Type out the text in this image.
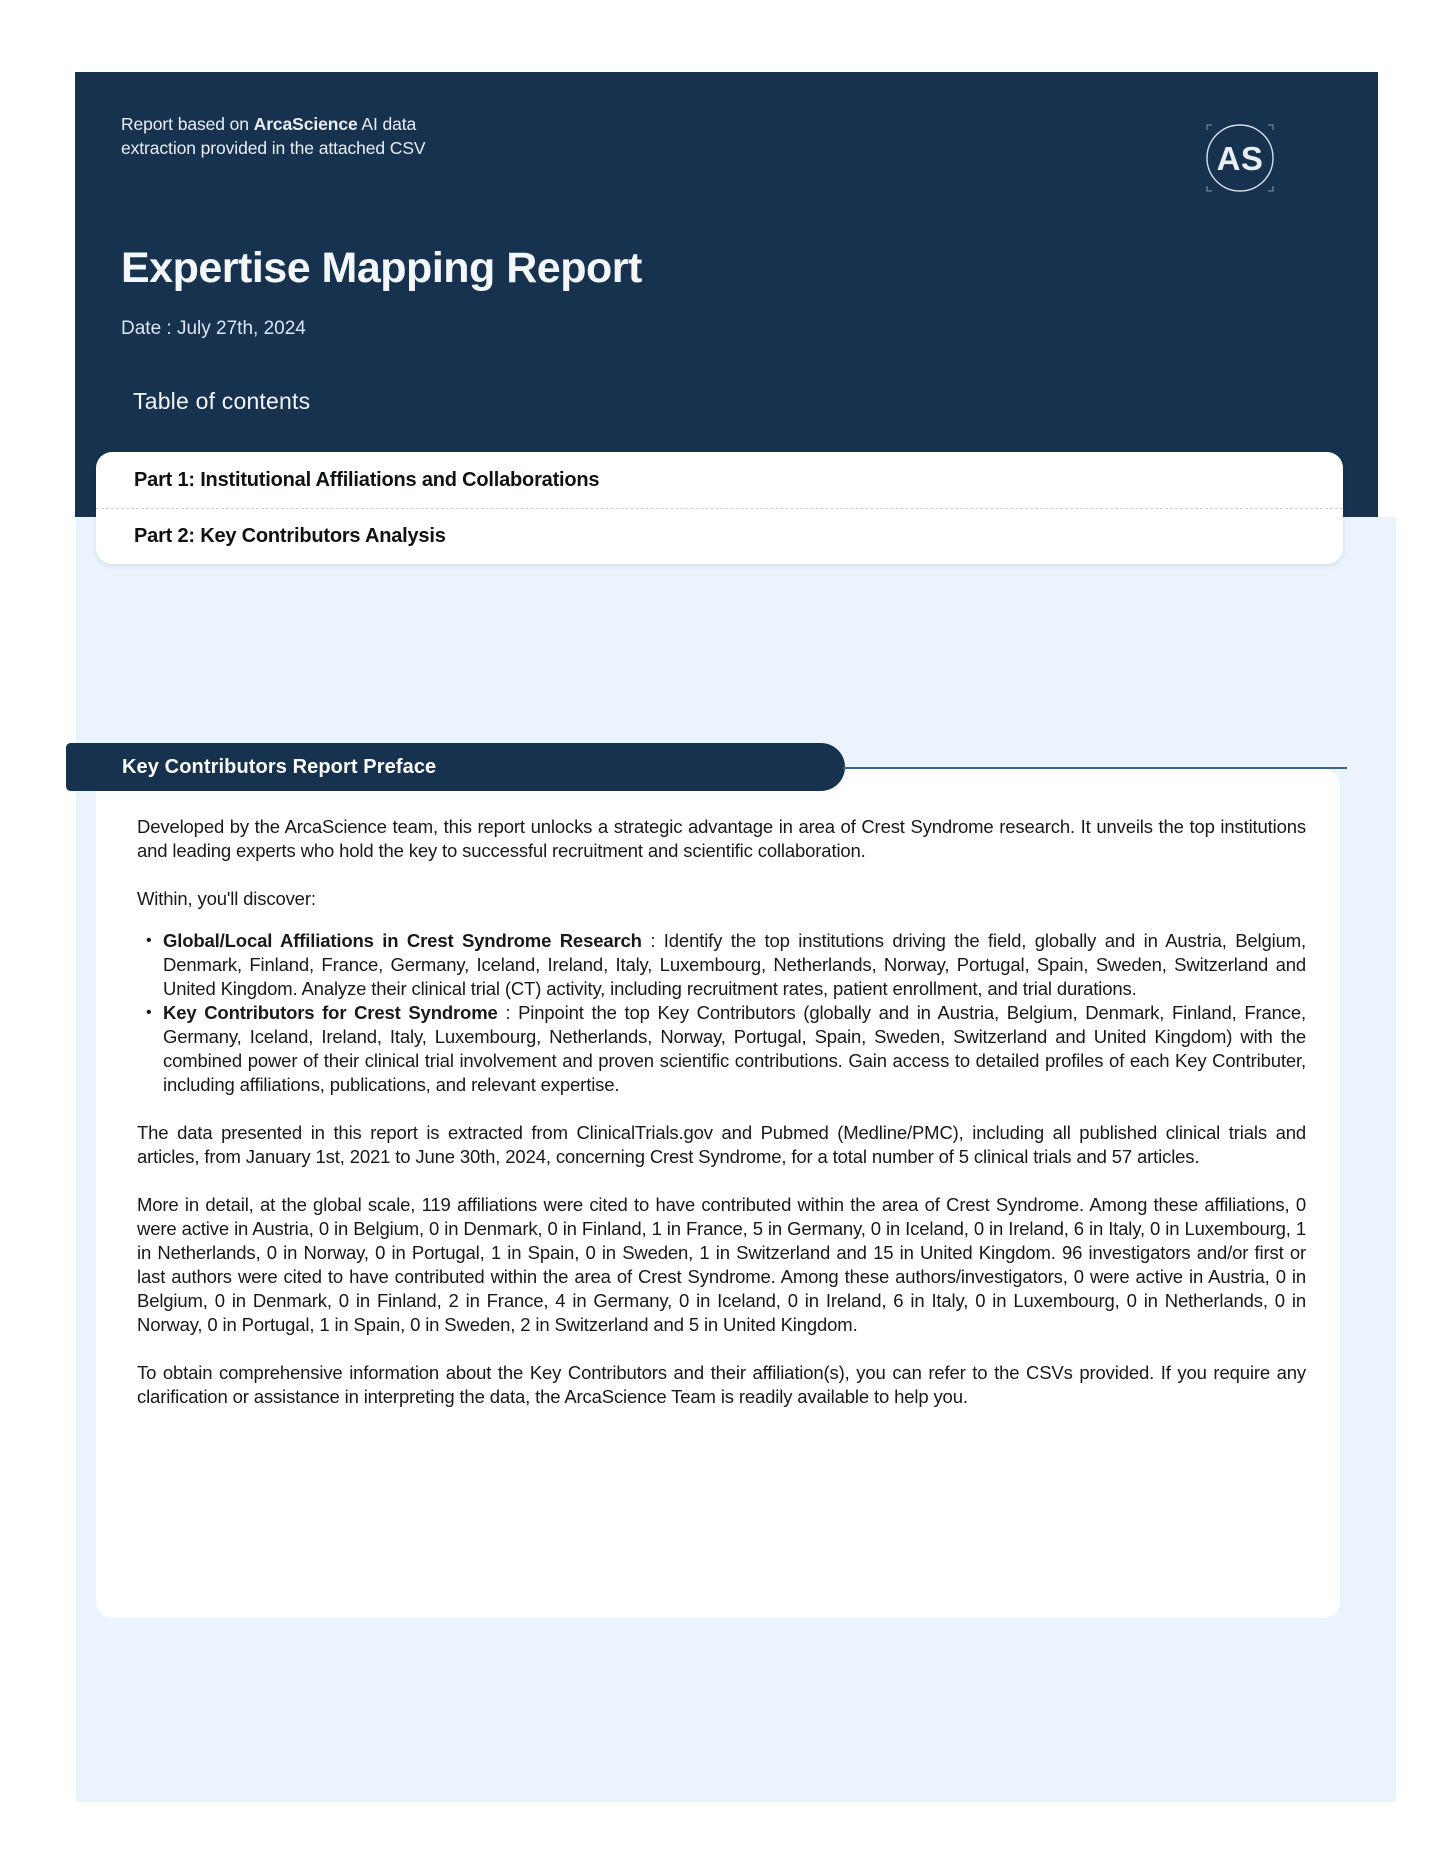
Report based on ArcaScience AI data extraction provided in the attached CSV	AS
Expertise Mapping Report
Date : July 27th, 2024
Table of contents
Part 1: Institutional Affiliations and Collaborations
Part 2: Key Contributors Analysis
Key Contributors Report Preface

Developed by the ArcaScience team, this report unlocks a strategic advantage in area of Crest Syndrome research. It unveils the top institutions and leading experts who hold the key to successful recruitment and scientific collaboration.

Within, you'll discover:

• Global/Local Affiliations in Crest Syndrome Research : Identify the top institutions driving the field, globally and in Austria, Belgium, Denmark, Finland, France, Germany, Iceland, Ireland, Italy, Luxembourg, Netherlands, Norway, Portugal, Spain, Sweden, Switzerland and United Kingdom. Analyze their clinical trial (CT) activity, including recruitment rates, patient enrollment, and trial durations.
• Key Contributors for Crest Syndrome : Pinpoint the top Key Contributors (globally and in Austria, Belgium, Denmark, Finland, France, Germany, Iceland, Ireland, Italy, Luxembourg, Netherlands, Norway, Portugal, Spain, Sweden, Switzerland and United Kingdom) with the combined power of their clinical trial involvement and proven scientific contributions. Gain access to detailed profiles of each Key Contributer, including affiliations, publications, and relevant expertise.

The data presented in this report is extracted from ClinicalTrials.gov and Pubmed (Medline/PMC), including all published clinical trials and articles, from January 1st, 2021 to June 30th, 2024, concerning Crest Syndrome, for a total number of 5 clinical trials and 57 articles.

More in detail, at the global scale, 119 affiliations were cited to have contributed within the area of Crest Syndrome. Among these affiliations, 0 were active in Austria, 0 in Belgium, 0 in Denmark, 0 in Finland, 1 in France, 5 in Germany, 0 in Iceland, 0 in Ireland, 6 in Italy, 0 in Luxembourg, 1 in Netherlands, 0 in Norway, 0 in Portugal, 1 in Spain, 0 in Sweden, 1 in Switzerland and 15 in United Kingdom. 96 investigators and/or first or last authors were cited to have contributed within the area of Crest Syndrome. Among these authors/investigators, 0 were active in Austria, 0 in Belgium, 0 in Denmark, 0 in Finland, 2 in France, 4 in Germany, 0 in Iceland, 0 in Ireland, 6 in Italy, 0 in Luxembourg, 0 in Netherlands, 0 in Norway, 0 in Portugal, 1 in Spain, 0 in Sweden, 2 in Switzerland and 5 in United Kingdom.

To obtain comprehensive information about the Key Contributors and their affiliation(s), you can refer to the CSVs provided. If you require any clarification or assistance in interpreting the data, the ArcaScience Team is readily available to help you.
